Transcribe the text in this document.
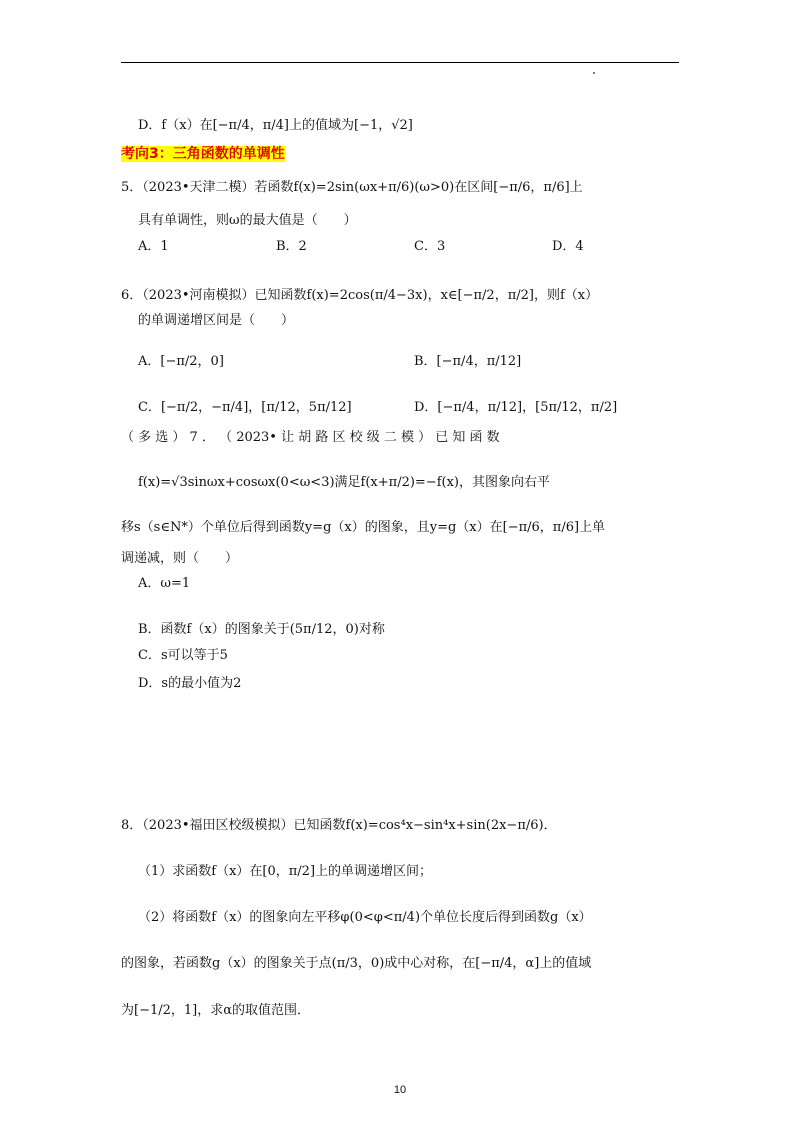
D．f（x）在[−π/4，π/4]上的值域为[−1，√2]
考向3：三角函数的单调性
5．（2023•天津二模）若函数f(x)=2sin(ωx+π/6)(ω>0)在区间[−π/6，π/6]上
具有单调性，则ω的最大值是（　　）
A．1	B．2	C．3	D．4
6．（2023•河南模拟）已知函数f(x)=2cos(π/4−3x)，x∈[−π/2，π/2]，则f（x）
的单调递增区间是（　　）
A．[−π/2，0]	B．[−π/4，π/12]
C．[−π/2，−π/4]，[π/12，5π/12]	D．[−π/4，π/12]，[5π/12，π/2]
（ 多 选 ） 7 ． （ 2023• 让 胡 路 区 校 级 二 模 ） 已 知 函 数
f(x)=√3sinωx+cosωx(0<ω<3)满足f(x+π/2)=−f(x)，其图象向右平
移s（s∈N*）个单位后得到函数y=g（x）的图象，且y=g（x）在[−π/6，π/6]上单
调递减，则（　　）
A．ω=1
B．函数f（x）的图象关于(5π/12，0)对称
C．s可以等于5
D．s的最小值为2
8．（2023•福田区校级模拟）已知函数f(x)=cos⁴x−sin⁴x+sin(2x−π/6)．
（1）求函数f（x）在[0，π/2]上的单调递增区间；
（2）将函数f（x）的图象向左平移φ(0<φ<π/4)个单位长度后得到函数g（x）
的图象，若函数g（x）的图象关于点(π/3，0)成中心对称，在[−π/4，α]上的值域
为[−1/2，1]，求α的取值范围．
10
